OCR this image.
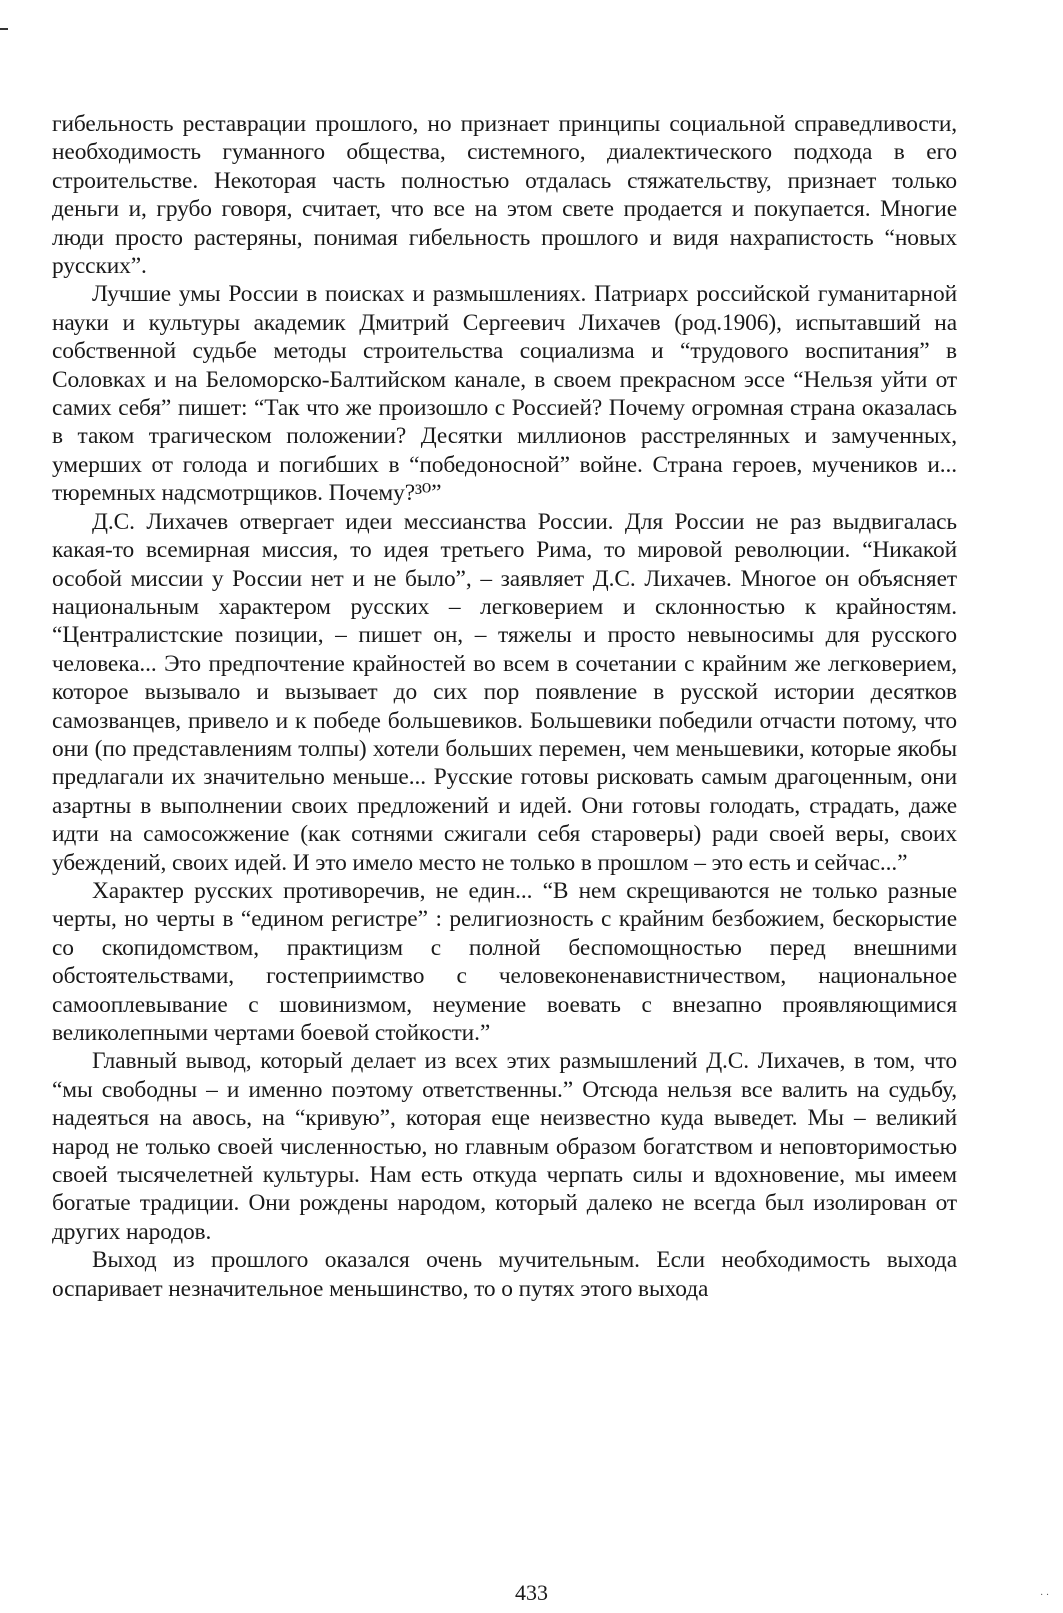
гибельность реставрации прошлого, но признает принципы социальной справедливости, необходимость гуманного общества, системного, диалектического подхода в его строительстве. Некоторая часть полностью отдалась стяжательству, признает только деньги и, грубо говоря, считает, что все на этом свете продается и покупается. Многие люди просто растеряны, понимая гибельность прошлого и видя нахрапистость “новых русских”.

Лучшие умы России в поисках и размышлениях. Патриарх российской гуманитарной науки и культуры академик Дмитрий Сергеевич Лихачев (род.1906), испытавший на собственной судьбе методы строительства социализма и “трудового воспитания” в Соловках и на Беломорско-Балтийском канале, в своем прекрасном эссе “Нельзя уйти от самих себя” пишет: “Так что же произошло с Россией? Почему огромная страна оказалась в таком трагическом положении? Десятки миллионов расстрелянных и замученных, умерших от голода и погибших в “победоносной” войне. Страна героев, мучеников и... тюремных надсмотрщиков. Почему?³⁰”

Д.С. Лихачев отвергает идеи мессианства России. Для России не раз выдвигалась какая-то всемирная миссия, то идея третьего Рима, то мировой революции. “Никакой особой миссии у России нет и не было”, – заявляет Д.С. Лихачев. Многое он объясняет национальным характером русских – легковерием и склонностью к крайностям. “Централистские позиции, – пишет он, – тяжелы и просто невыносимы для русского человека... Это предпочтение крайностей во всем в сочетании с крайним же легковерием, которое вызывало и вызывает до сих пор появление в русской истории десятков самозванцев, привело и к победе большевиков. Большевики победили отчасти потому, что они (по представлениям толпы) хотели больших перемен, чем меньшевики, которые якобы предлагали их значительно меньше... Русские готовы рисковать самым драгоценным, они азартны в выполнении своих предложений и идей. Они готовы голодать, страдать, даже идти на самосожжение (как сотнями сжигали себя староверы) ради своей веры, своих убеждений, своих идей. И это имело место не только в прошлом – это есть и сейчас...”

Характер русских противоречив, не един... “В нем скрещиваются не только разные черты, но черты в “едином регистре” : религиозность с крайним безбожием, бескорыстие со скопидомством, практицизм с полной беспомощностью перед внешними обстоятельствами, гостеприимство с человеконенавистничеством, национальное самооплевывание с шовинизмом, неумение воевать с внезапно проявляющимися великолепными чертами боевой стойкости.”

Главный вывод, который делает из всех этих размышлений Д.С. Лихачев, в том, что “мы свободны – и именно поэтому ответственны.” Отсюда нельзя все валить на судьбу, надеяться на авось, на “кривую”, которая еще неизвестно куда выведет. Мы – великий народ не только своей численностью, но главным образом богатством и неповторимостью своей тысячелетней культуры. Нам есть откуда черпать силы и вдохновение, мы имеем богатые традиции. Они рождены народом, который далеко не всегда был изолирован от других народов.

Выход из прошлого оказался очень мучительным. Если необходимость выхода оспаривает незначительное меньшинство, то о путях этого выхода

433	· ·
